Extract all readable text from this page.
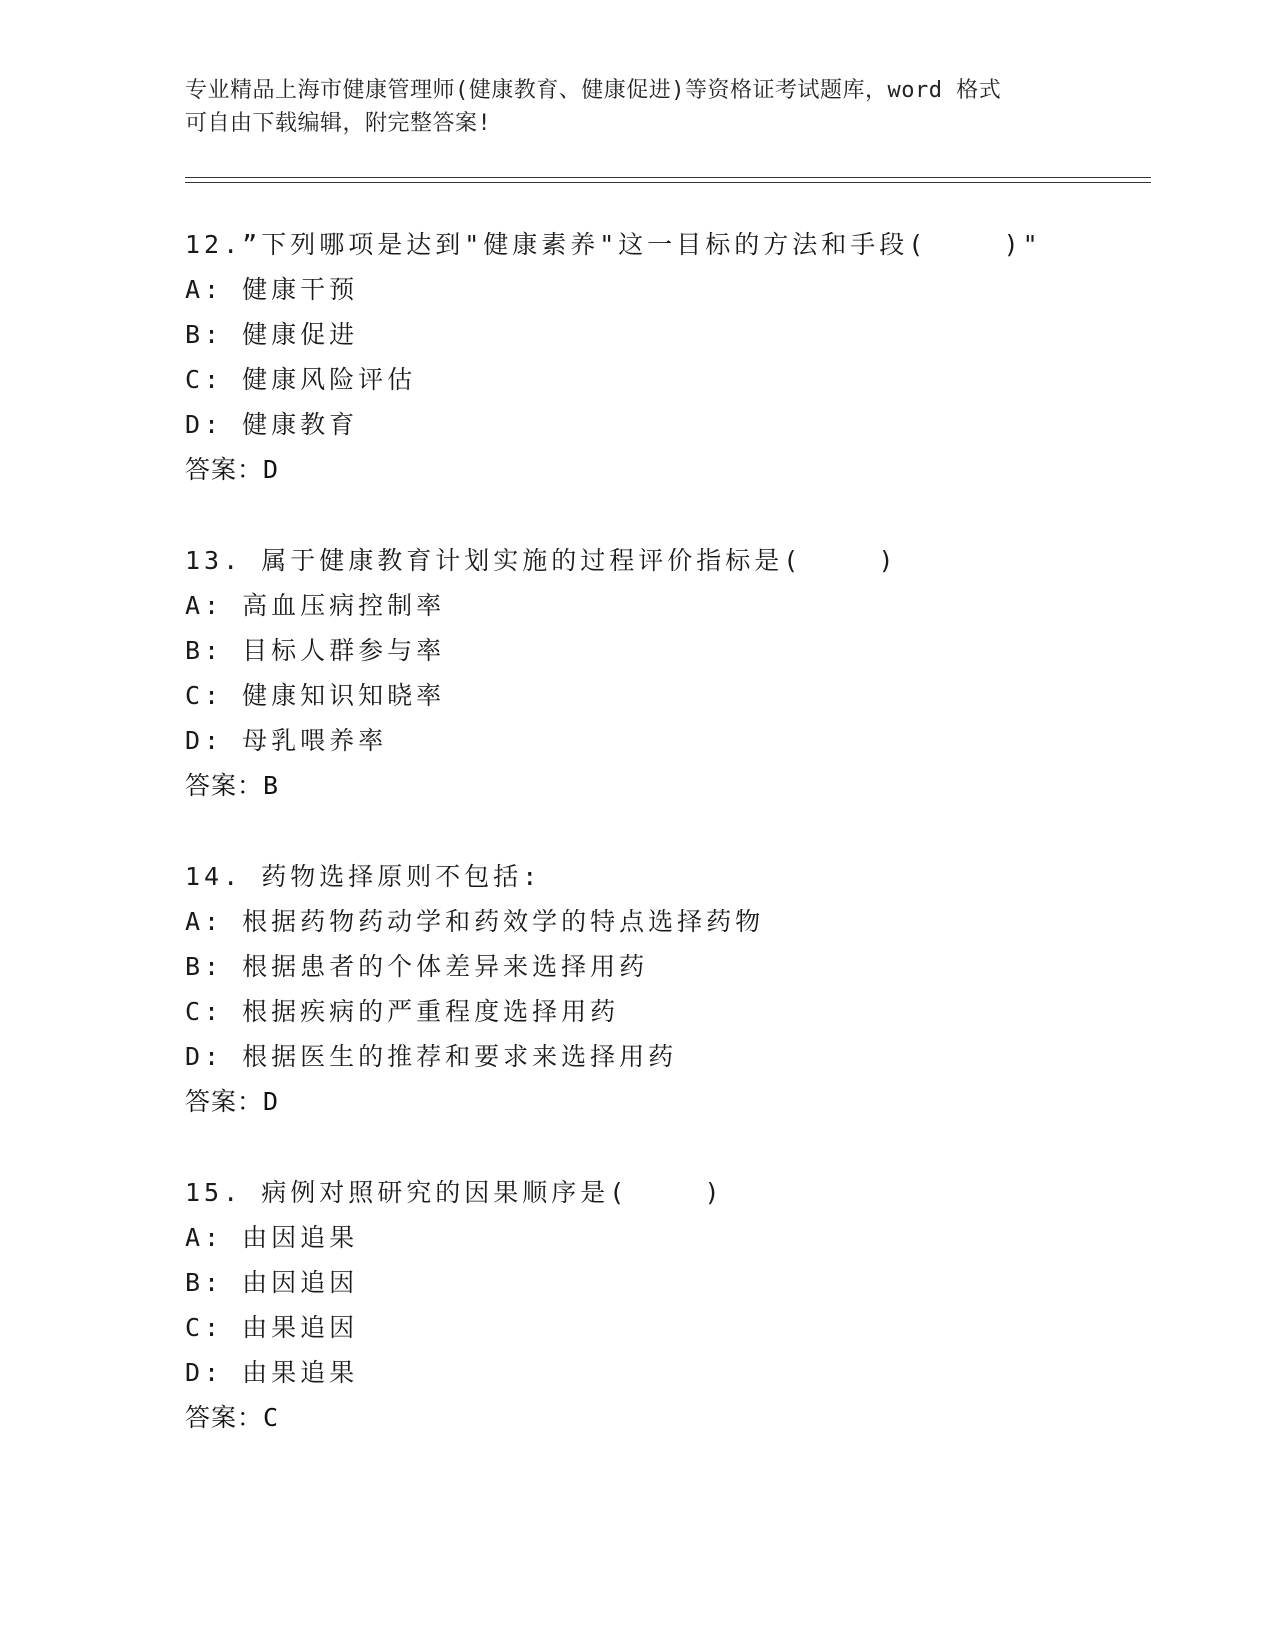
专业精品上海市健康管理师(健康教育、健康促进)等资格证考试题库，word 格式
可自由下载编辑，附完整答案!
12.”下列哪项是达到"健康素养"这一目标的方法和手段(    )"
A: 健康干预
B: 健康促进
C: 健康风险评估
D: 健康教育
答案：D
13. 属于健康教育计划实施的过程评价指标是(    )
A: 高血压病控制率
B: 目标人群参与率
C: 健康知识知晓率
D: 母乳喂养率
答案：B
14. 药物选择原则不包括:
A: 根据药物药动学和药效学的特点选择药物
B: 根据患者的个体差异来选择用药
C: 根据疾病的严重程度选择用药
D: 根据医生的推荐和要求来选择用药
答案：D
15. 病例对照研究的因果顺序是(    )
A: 由因追果
B: 由因追因
C: 由果追因
D: 由果追果
答案：C
